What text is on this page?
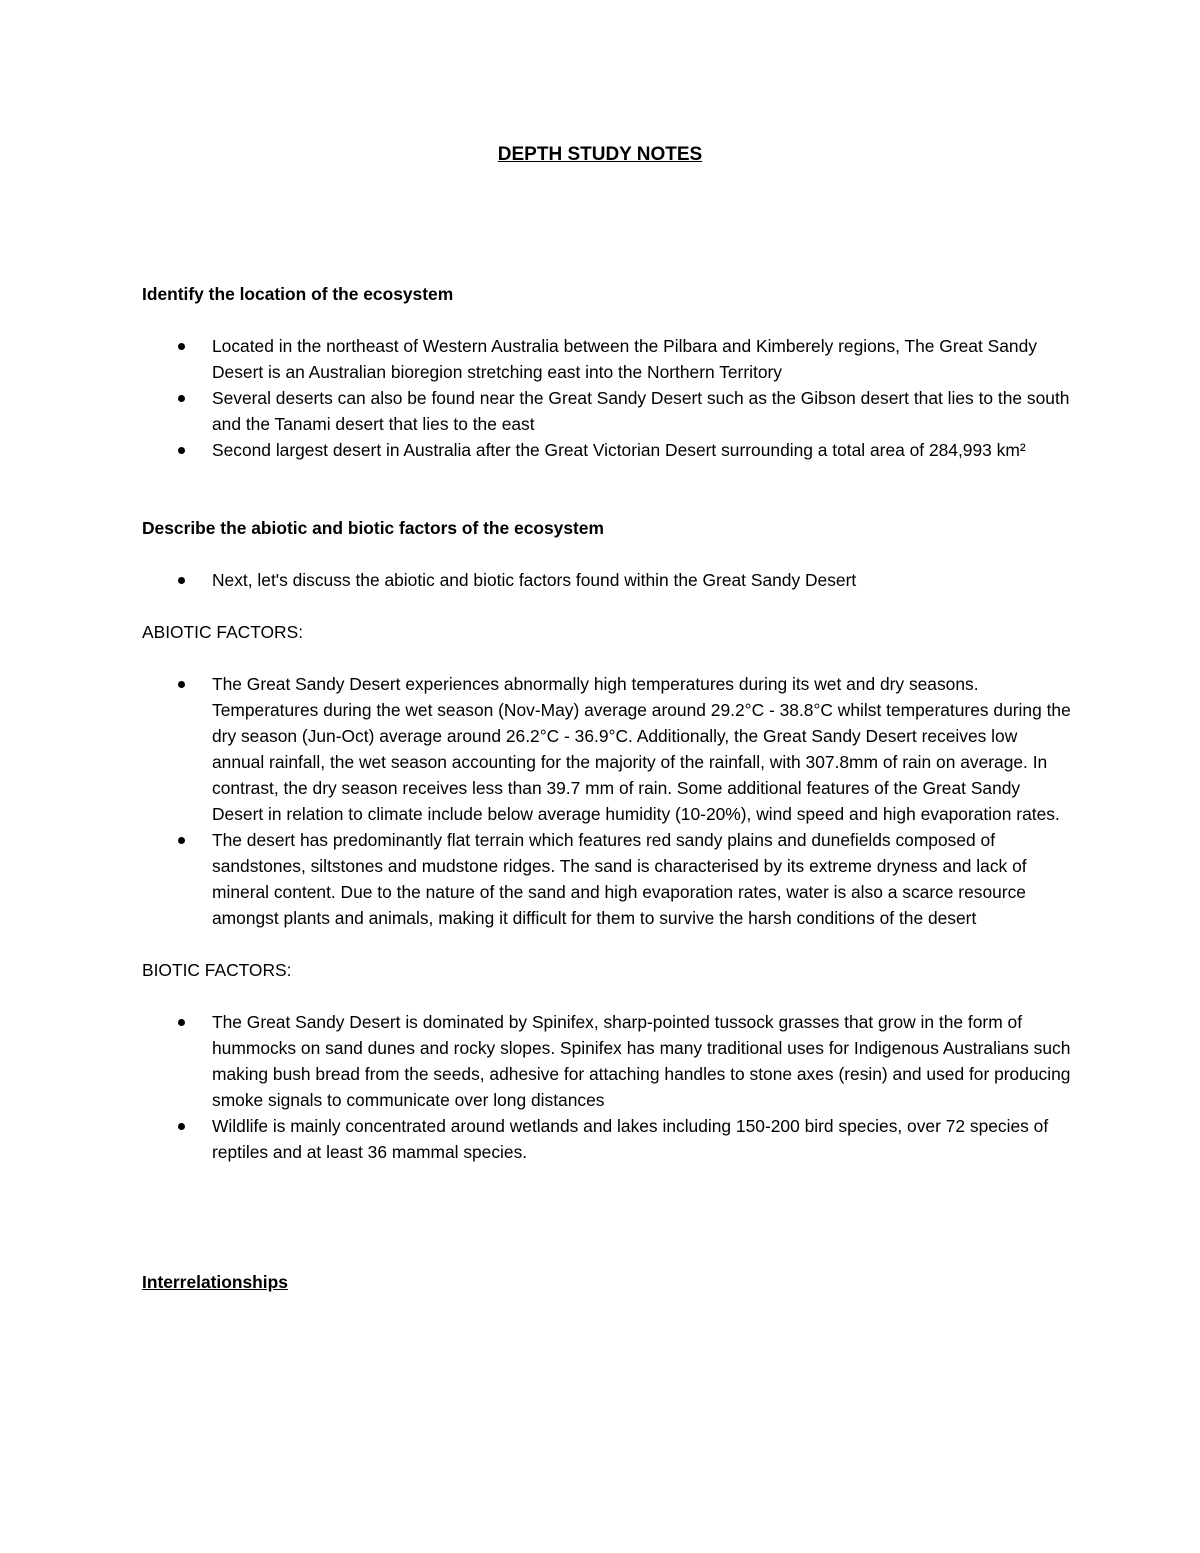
DEPTH STUDY NOTES

Identify the location of the ecosystem

Located in the northeast of Western Australia between the Pilbara and Kimberely regions, The Great Sandy Desert is an Australian bioregion stretching east into the Northern Territory
Several deserts can also be found near the Great Sandy Desert such as the Gibson desert that lies to the south and the Tanami desert that lies to the east
Second largest desert in Australia after the Great Victorian Desert surrounding a total area of 284,993 km²

Describe the abiotic and biotic factors of the ecosystem

Next, let's discuss the abiotic and biotic factors found within the Great Sandy Desert

ABIOTIC FACTORS:

The Great Sandy Desert experiences abnormally high temperatures during its wet and dry seasons. Temperatures during the wet season (Nov-May) average around 29.2°C - 38.8°C whilst temperatures during the dry season (Jun-Oct) average around 26.2°C - 36.9°C. Additionally, the Great Sandy Desert receives low annual rainfall, the wet season accounting for the majority of the rainfall, with 307.8mm of rain on average. In contrast, the dry season receives less than 39.7 mm of rain. Some additional features of the Great Sandy Desert in relation to climate include below average humidity (10-20%), wind speed and high evaporation rates.
The desert has predominantly flat terrain which features red sandy plains and dunefields composed of sandstones, siltstones and mudstone ridges. The sand is characterised by its extreme dryness and lack of mineral content. Due to the nature of the sand and high evaporation rates, water is also a scarce resource amongst plants and animals, making it difficult for them to survive the harsh conditions of the desert

BIOTIC FACTORS:

The Great Sandy Desert is dominated by Spinifex, sharp-pointed tussock grasses that grow in the form of hummocks on sand dunes and rocky slopes. Spinifex has many traditional uses for Indigenous Australians such making bush bread from the seeds, adhesive for attaching handles to stone axes (resin) and used for producing smoke signals to communicate over long distances
Wildlife is mainly concentrated around wetlands and lakes including 150-200 bird species, over 72 species of reptiles and at least 36 mammal species.

Interrelationships
